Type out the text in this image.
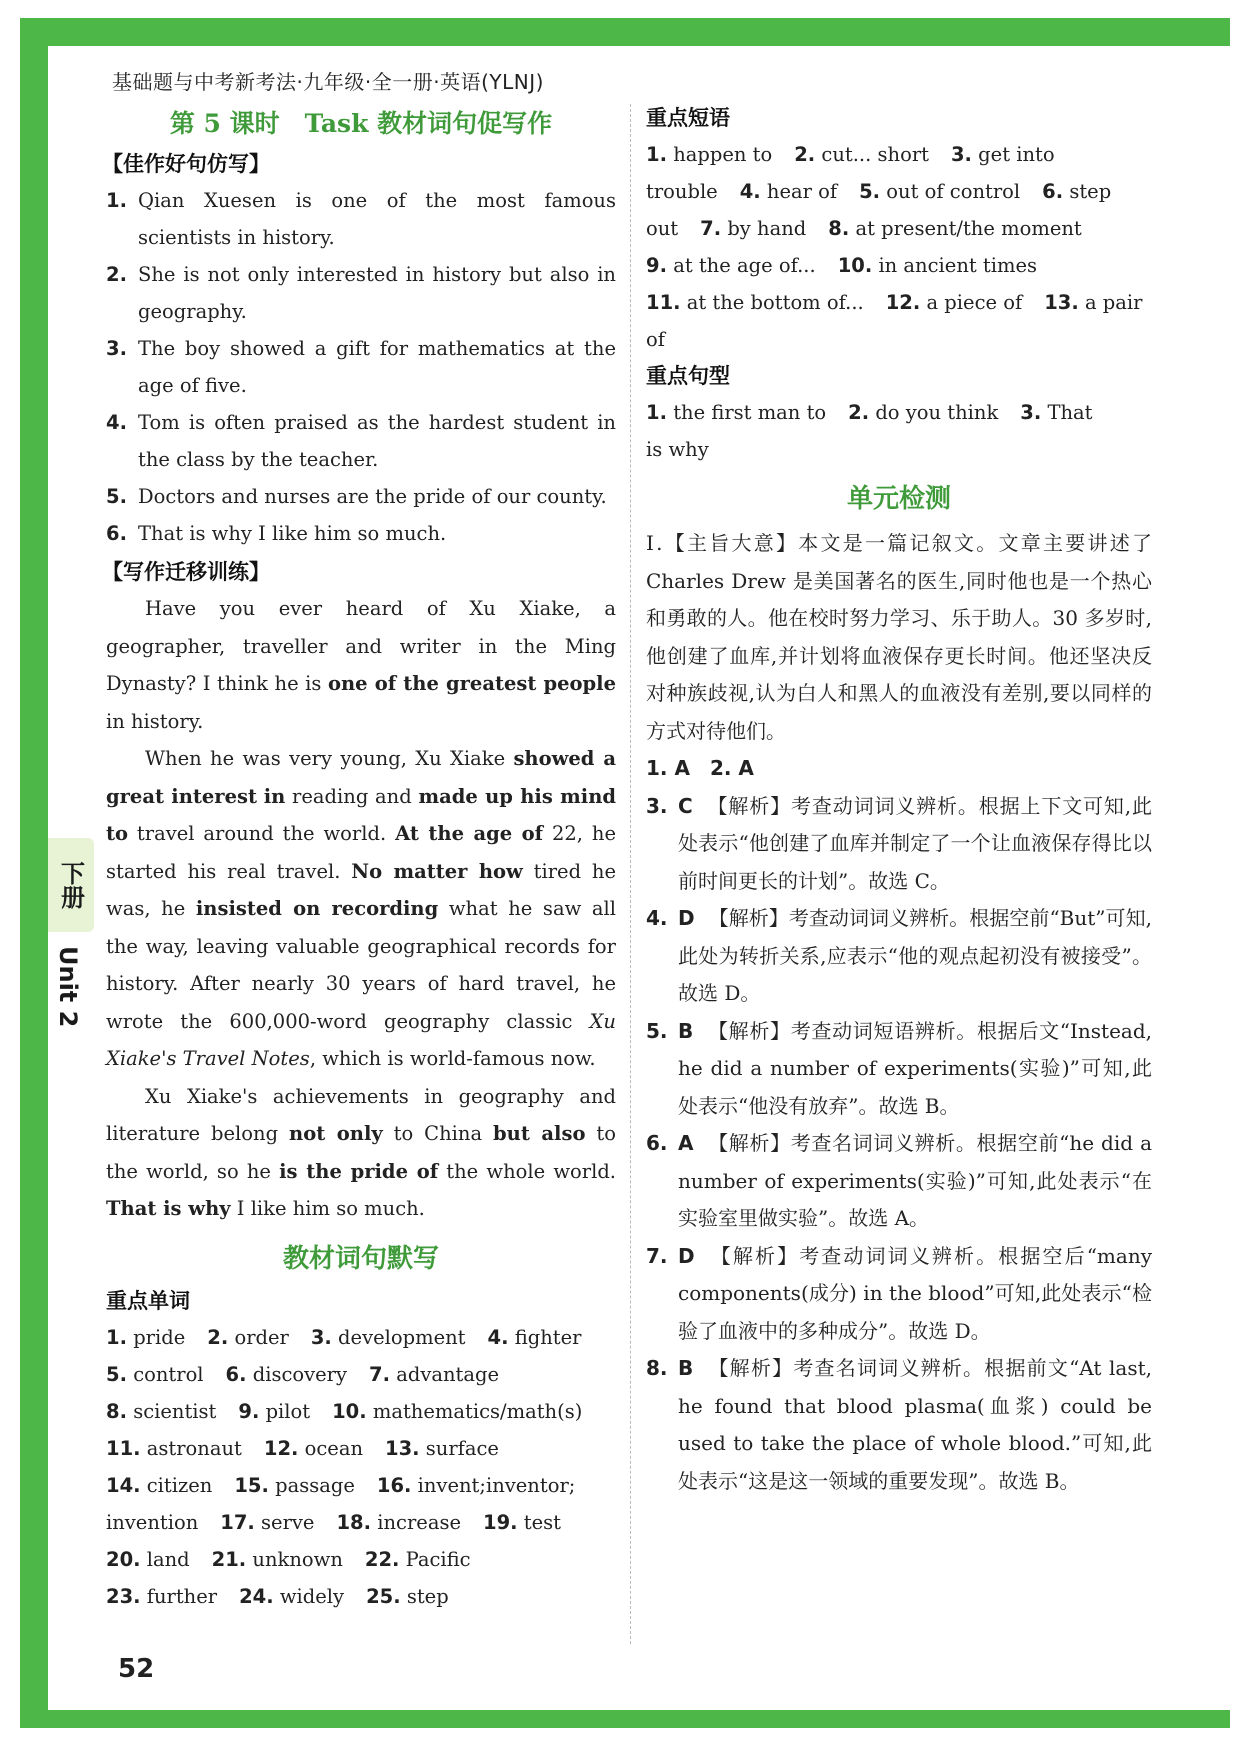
基础题与中考新考法·九年级·全一册·英语(YLNJ)
下册
Unit 2
第 5 课时　Task 教材词句促写作
【佳作好句仿写】
1. Qian Xuesen is one of the most famous scientists in history.
2. She is not only interested in history but also in geography.
3. The boy showed a gift for mathematics at the age of five.
4. Tom is often praised as the hardest student in the class by the teacher.
5. Doctors and nurses are the pride of our county.
6. That is why I like him so much.
【写作迁移训练】
Have you ever heard of Xu Xiake, a geographer, traveller and writer in the Ming Dynasty? I think he is one of the greatest people in history.
When he was very young, Xu Xiake showed a great interest in reading and made up his mind to travel around the world. At the age of 22, he started his real travel. No matter how tired he was, he insisted on recording what he saw all the way, leaving valuable geographical records for history. After nearly 30 years of hard travel, he wrote the 600,000-word geography classic Xu Xiake's Travel Notes, which is world-famous now.
Xu Xiake's achievements in geography and literature belong not only to China but also to the world, so he is the pride of the whole world. That is why I like him so much.
教材词句默写
重点单词
1. pride 2. order 3. development 4. fighter
5. control 6. discovery 7. advantage
8. scientist 9. pilot 10. mathematics/math(s)
11. astronaut 12. ocean 13. surface
14. citizen 15. passage 16. invent;inventor;
invention 17. serve 18. increase 19. test
20. land 21. unknown 22. Pacific
23. further 24. widely 25. step
重点短语
1. happen to 2. cut... short 3. get into
trouble 4. hear of 5. out of control 6. step
out 7. by hand 8. at present/the moment
9. at the age of... 10. in ancient times
11. at the bottom of... 12. a piece of 13. a pair of
重点句型
1. the first man to 2. do you think 3. That
is why
单元检测
Ⅰ.【主旨大意】本文是一篇记叙文。文章主要讲述了 Charles Drew 是美国著名的医生,同时他也是一个热心和勇敢的人。他在校时努力学习、乐于助人。30 多岁时,他创建了血库,并计划将血液保存更长时间。他还坚决反对种族歧视,认为白人和黑人的血液没有差别,要以同样的方式对待他们。
1. A　2. A
3. C 【解析】考查动词词义辨析。根据上下文可知,此处表示“他创建了血库并制定了一个让血液保存得比以前时间更长的计划”。故选 C。
4. D 【解析】考查动词词义辨析。根据空前“But”可知,此处为转折关系,应表示“他的观点起初没有被接受”。故选 D。
5. B 【解析】考查动词短语辨析。根据后文“Instead, he did a number of experiments(实验)”可知,此处表示“他没有放弃”。故选 B。
6. A 【解析】考查名词词义辨析。根据空前“he did a number of experiments(实验)”可知,此处表示“在实验室里做实验”。故选 A。
7. D 【解析】考查动词词义辨析。根据空后“many components(成分) in the blood”可知,此处表示“检验了血液中的多种成分”。故选 D。
8. B 【解析】考查名词词义辨析。根据前文“At last, he found that blood plasma(血浆) could be used to take the place of whole blood.”可知,此处表示“这是这一领域的重要发现”。故选 B。
52
